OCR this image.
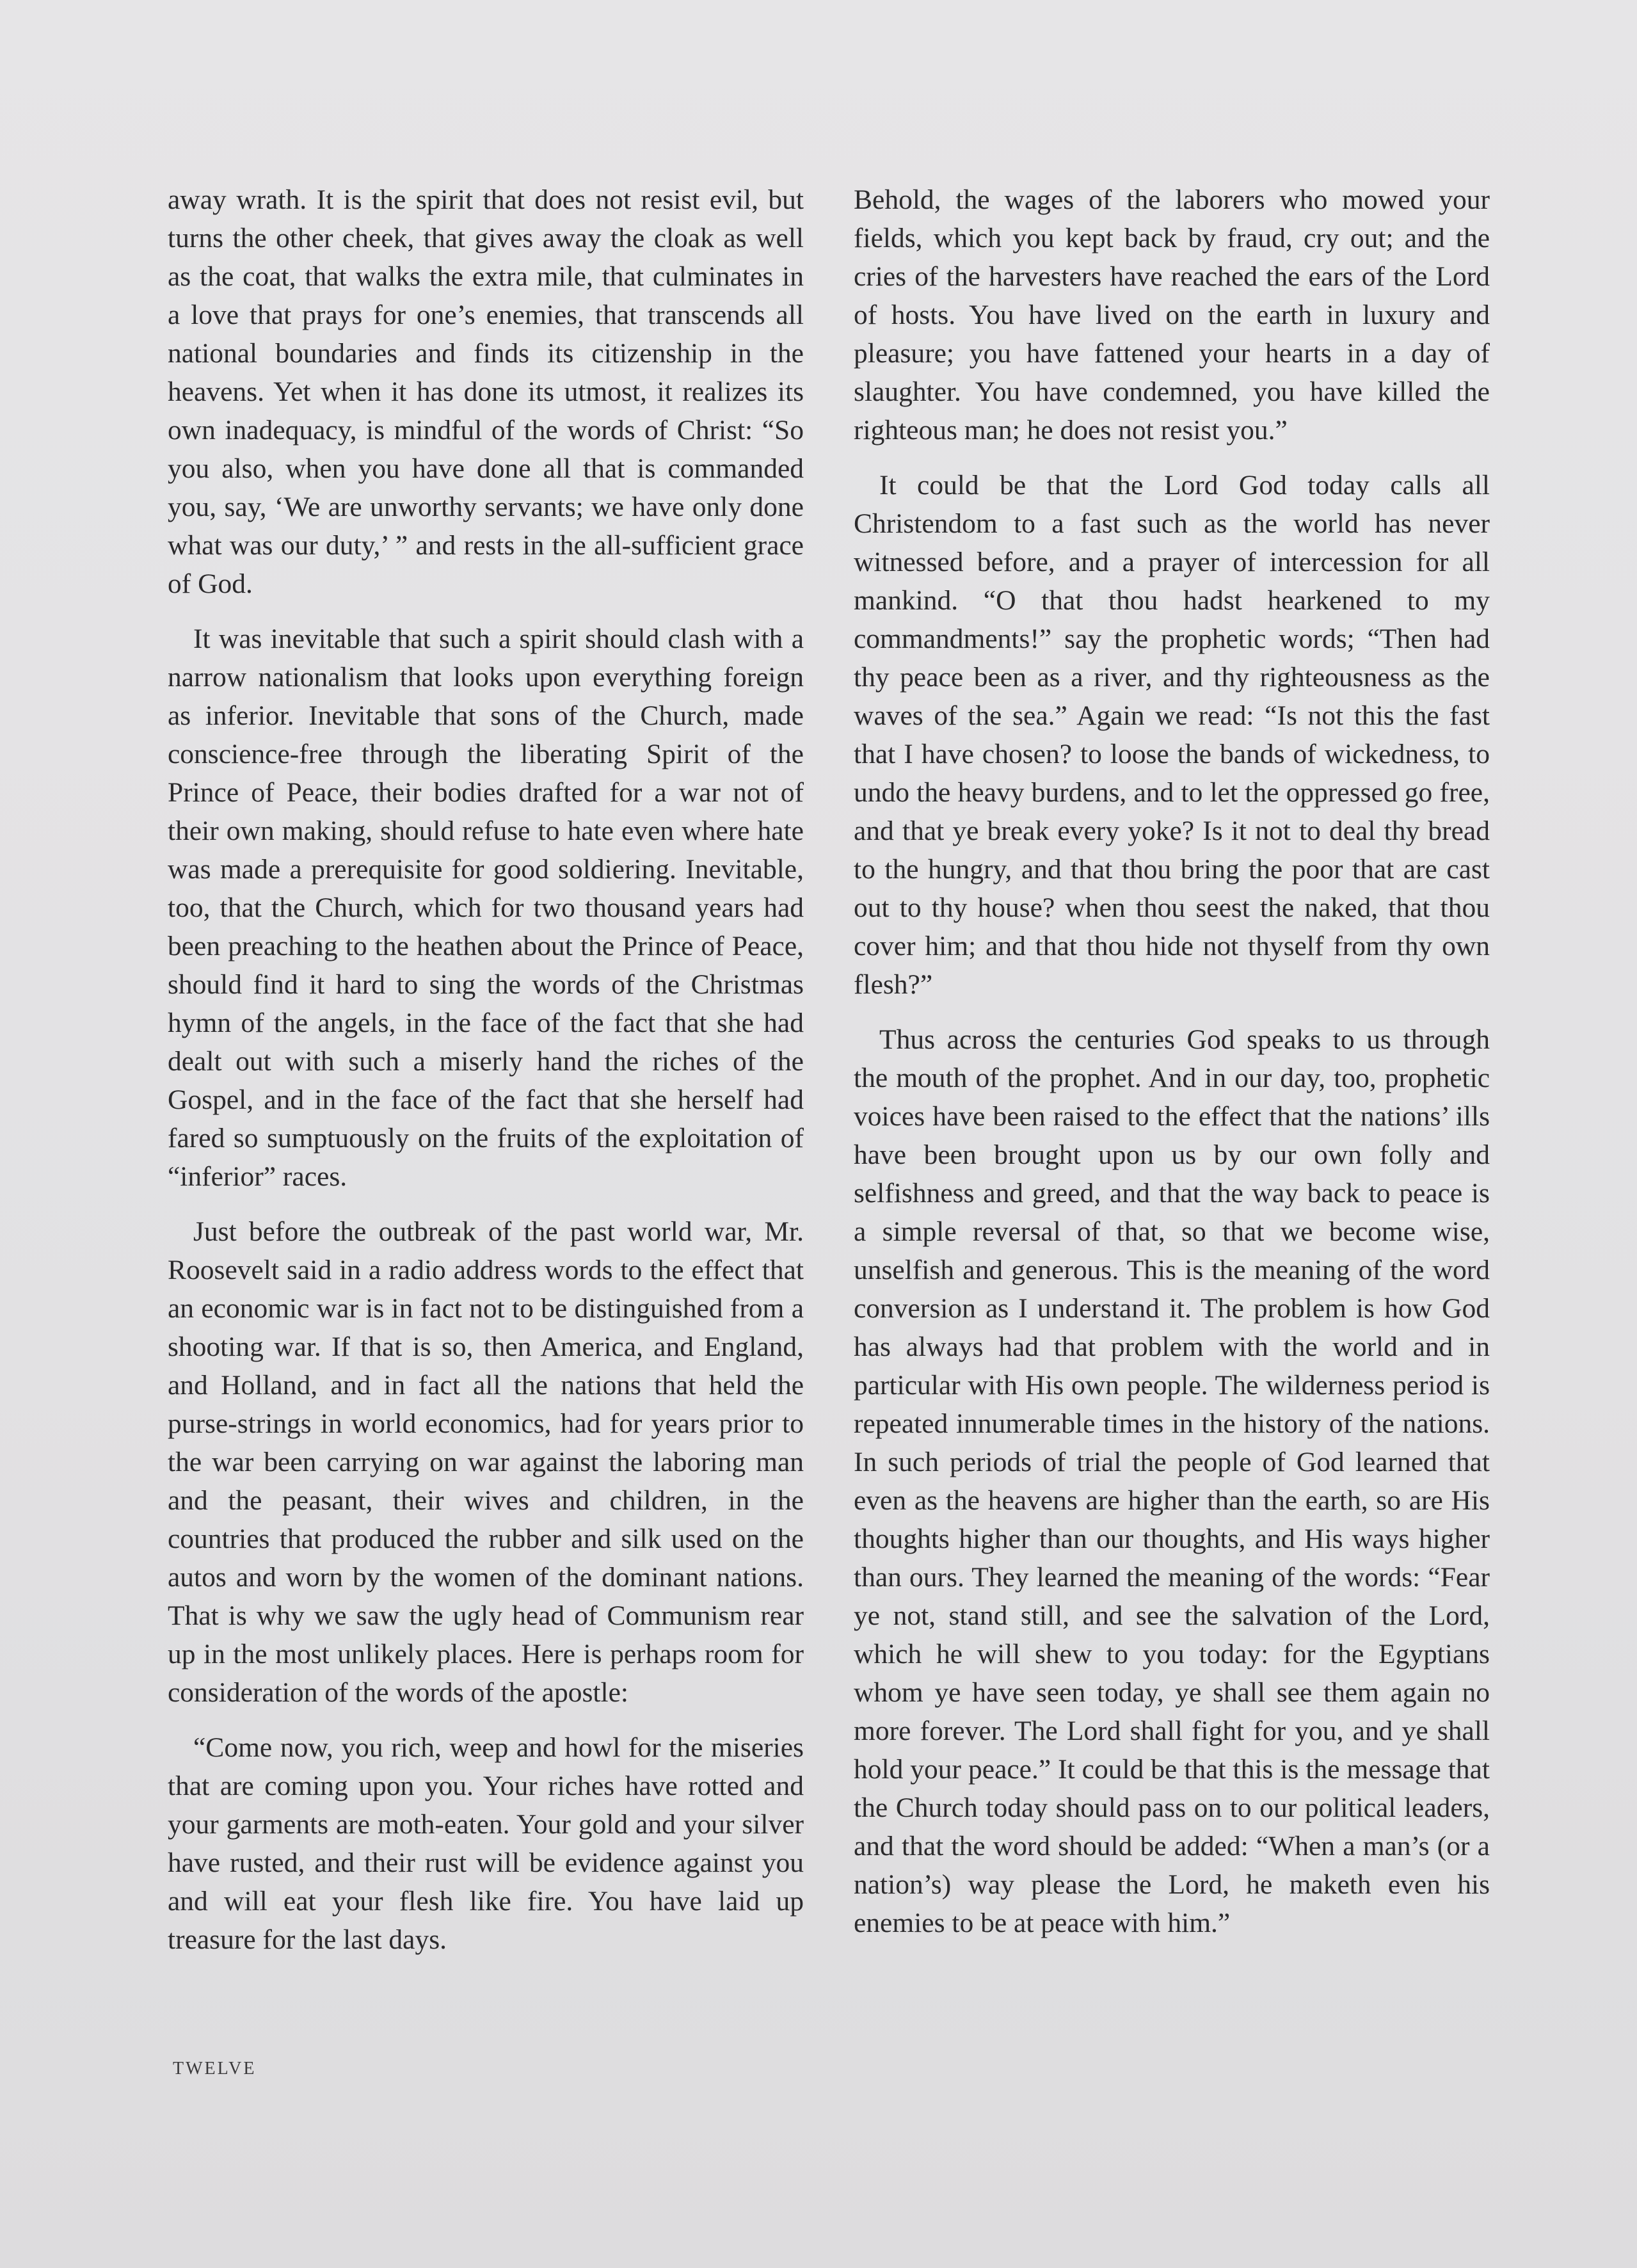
away wrath. It is the spirit that does not resist evil, but turns the other cheek, that gives away the cloak as well as the coat, that walks the extra mile, that culminates in a love that prays for one’s enemies, that transcends all national boundaries and finds its citizenship in the heavens. Yet when it has done its utmost, it realizes its own inadequacy, is mindful of the words of Christ: “So you also, when you have done all that is commanded you, say, ‘We are unworthy servants; we have only done what was our duty,’ ” and rests in the all-sufficient grace of God.

It was inevitable that such a spirit should clash with a narrow nationalism that looks upon everything foreign as inferior. Inevitable that sons of the Church, made conscience-free through the liberating Spirit of the Prince of Peace, their bodies drafted for a war not of their own making, should refuse to hate even where hate was made a prerequisite for good soldiering. Inevitable, too, that the Church, which for two thousand years had been preaching to the heathen about the Prince of Peace, should find it hard to sing the words of the Christmas hymn of the angels, in the face of the fact that she had dealt out with such a miserly hand the riches of the Gospel, and in the face of the fact that she herself had fared so sumptuously on the fruits of the exploitation of “inferior” races.

Just before the outbreak of the past world war, Mr. Roosevelt said in a radio address words to the effect that an economic war is in fact not to be distinguished from a shooting war. If that is so, then America, and England, and Holland, and in fact all the nations that held the purse-strings in world economics, had for years prior to the war been carrying on war against the laboring man and the peasant, their wives and children, in the countries that produced the rubber and silk used on the autos and worn by the women of the dominant nations. That is why we saw the ugly head of Communism rear up in the most unlikely places. Here is perhaps room for consideration of the words of the apostle:

“Come now, you rich, weep and howl for the miseries that are coming upon you. Your riches have rotted and your garments are moth-eaten. Your gold and your silver have rusted, and their rust will be evidence against you and will eat your flesh like fire. You have laid up treasure for the last days.

Behold, the wages of the laborers who mowed your fields, which you kept back by fraud, cry out; and the cries of the harvesters have reached the ears of the Lord of hosts. You have lived on the earth in luxury and pleasure; you have fattened your hearts in a day of slaughter. You have condemned, you have killed the righteous man; he does not resist you.”

It could be that the Lord God today calls all Christendom to a fast such as the world has never witnessed before, and a prayer of intercession for all mankind. “O that thou hadst hearkened to my commandments!” say the prophetic words; “Then had thy peace been as a river, and thy righteousness as the waves of the sea.” Again we read: “Is not this the fast that I have chosen? to loose the bands of wickedness, to undo the heavy burdens, and to let the oppressed go free, and that ye break every yoke? Is it not to deal thy bread to the hungry, and that thou bring the poor that are cast out to thy house? when thou seest the naked, that thou cover him; and that thou hide not thyself from thy own flesh?”

Thus across the centuries God speaks to us through the mouth of the prophet. And in our day, too, prophetic voices have been raised to the effect that the nations’ ills have been brought upon us by our own folly and selfishness and greed, and that the way back to peace is a simple reversal of that, so that we become wise, unselfish and generous. This is the meaning of the word conversion as I understand it. The problem is how God has always had that problem with the world and in particular with His own people. The wilderness period is repeated innumerable times in the history of the nations. In such periods of trial the people of God learned that even as the heavens are higher than the earth, so are His thoughts higher than our thoughts, and His ways higher than ours. They learned the meaning of the words: “Fear ye not, stand still, and see the salvation of the Lord, which he will shew to you today: for the Egyptians whom ye have seen today, ye shall see them again no more forever. The Lord shall fight for you, and ye shall hold your peace.” It could be that this is the message that the Church today should pass on to our political leaders, and that the word should be added: “When a man’s (or a nation’s) way please the Lord, he maketh even his enemies to be at peace with him.”

TWELVE
